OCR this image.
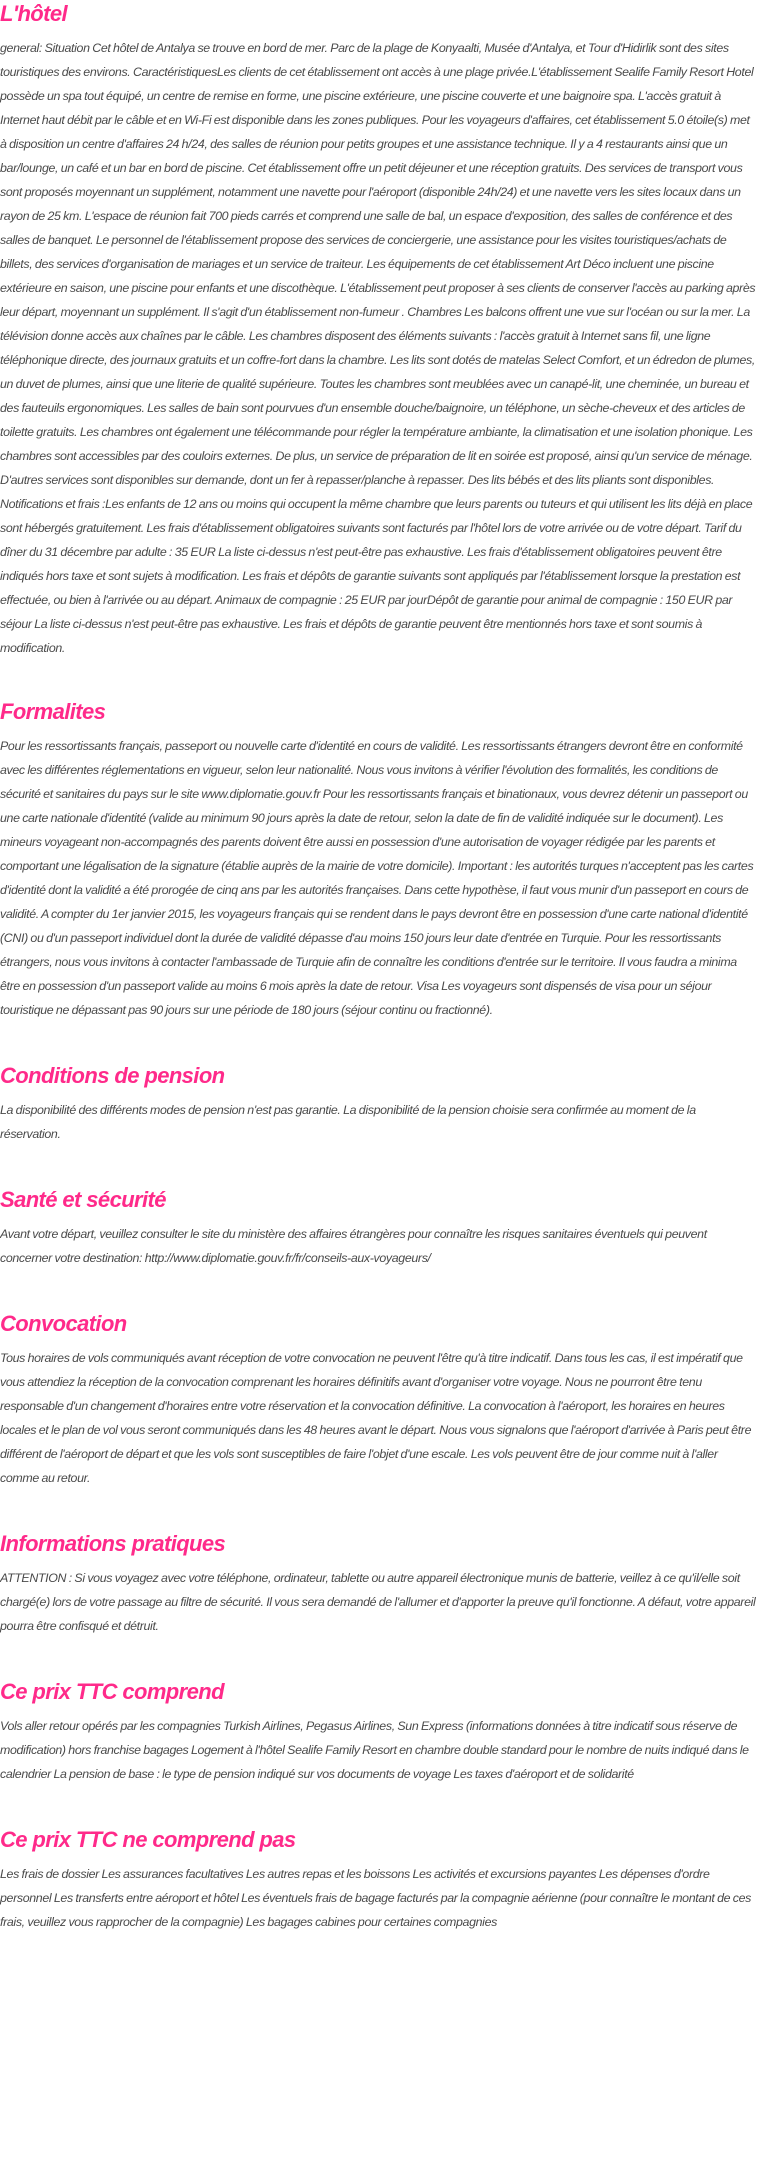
L'hôtel

general: Situation Cet hôtel de Antalya se trouve en bord de mer. Parc de la plage de Konyaalti, Musée d'Antalya, et Tour d'Hidirlik sont des sites touristiques des environs. CaractéristiquesLes clients de cet établissement ont accès à une plage privée.L'établissement Sealife Family Resort Hotel possède un spa tout équipé, un centre de remise en forme, une piscine extérieure, une piscine couverte et une baignoire spa. L'accès gratuit à Internet haut débit par le câble et en Wi-Fi est disponible dans les zones publiques. Pour les voyageurs d'affaires, cet établissement 5.0 étoile(s) met à disposition un centre d'affaires 24 h/24, des salles de réunion pour petits groupes et une assistance technique. Il y a 4 restaurants ainsi que un bar/lounge, un café et un bar en bord de piscine. Cet établissement offre un petit déjeuner et une réception gratuits. Des services de transport vous sont proposés moyennant un supplément, notamment une navette pour l'aéroport (disponible 24h/24) et une navette vers les sites locaux dans un rayon de 25 km. L'espace de réunion fait 700 pieds carrés et comprend une salle de bal, un espace d'exposition, des salles de conférence et des salles de banquet. Le personnel de l'établissement propose des services de conciergerie, une assistance pour les visites touristiques/achats de billets, des services d'organisation de mariages et un service de traiteur. Les équipements de cet établissement Art Déco incluent une piscine extérieure en saison, une piscine pour enfants et une discothèque. L'établissement peut proposer à ses clients de conserver l'accès au parking après leur départ, moyennant un supplément. Il s'agit d'un établissement non-fumeur . Chambres Les balcons offrent une vue sur l'océan ou sur la mer. La télévision donne accès aux chaînes par le câble. Les chambres disposent des éléments suivants : l'accès gratuit à Internet sans fil, une ligne téléphonique directe, des journaux gratuits et un coffre-fort dans la chambre. Les lits sont dotés de matelas Select Comfort, et un édredon de plumes, un duvet de plumes, ainsi que une literie de qualité supérieure. Toutes les chambres sont meublées avec un canapé-lit, une cheminée, un bureau et des fauteuils ergonomiques. Les salles de bain sont pourvues d'un ensemble douche/baignoire, un téléphone, un sèche-cheveux et des articles de toilette gratuits. Les chambres ont également une télécommande pour régler la température ambiante, la climatisation et une isolation phonique. Les chambres sont accessibles par des couloirs externes. De plus, un service de préparation de lit en soirée est proposé, ainsi qu'un service de ménage. D'autres services sont disponibles sur demande, dont un fer à repasser/planche à repasser. Des lits bébés et des lits pliants sont disponibles. Notifications et frais :Les enfants de 12 ans ou moins qui occupent la même chambre que leurs parents ou tuteurs et qui utilisent les lits déjà en place sont hébergés gratuitement. Les frais d'établissement obligatoires suivants sont facturés par l'hôtel lors de votre arrivée ou de votre départ. Tarif du dîner du 31 décembre par adulte : 35 EUR La liste ci-dessus n'est peut-être pas exhaustive. Les frais d'établissement obligatoires peuvent être indiqués hors taxe et sont sujets à modification. Les frais et dépôts de garantie suivants sont appliqués par l'établissement lorsque la prestation est effectuée, ou bien à l'arrivée ou au départ. Animaux de compagnie : 25 EUR par jourDépôt de garantie pour animal de compagnie : 150 EUR par séjour La liste ci-dessus n'est peut-être pas exhaustive. Les frais et dépôts de garantie peuvent être mentionnés hors taxe et sont soumis à modification.

Formalites

Pour les ressortissants français, passeport ou nouvelle carte d'identité en cours de validité. Les ressortissants étrangers devront être en conformité avec les différentes réglementations en vigueur, selon leur nationalité. Nous vous invitons à vérifier l'évolution des formalités, les conditions de sécurité et sanitaires du pays sur le site www.diplomatie.gouv.fr Pour les ressortissants français et binationaux, vous devrez détenir un passeport ou une carte nationale d'identité (valide au minimum 90 jours après la date de retour, selon la date de fin de validité indiquée sur le document). Les mineurs voyageant non-accompagnés des parents doivent être aussi en possession d'une autorisation de voyager rédigée par les parents et comportant une légalisation de la signature (établie auprès de la mairie de votre domicile). Important : les autorités turques n'acceptent pas les cartes d'identité dont la validité a été prorogée de cinq ans par les autorités françaises. Dans cette hypothèse, il faut vous munir d'un passeport en cours de validité. A compter du 1er janvier 2015, les voyageurs français qui se rendent dans le pays devront être en possession d'une carte national d'identité (CNI) ou d'un passeport individuel dont la durée de validité dépasse d'au moins 150 jours leur date d'entrée en Turquie. Pour les ressortissants étrangers, nous vous invitons à contacter l'ambassade de Turquie afin de connaître les conditions d'entrée sur le territoire. Il vous faudra a minima être en possession d'un passeport valide au moins 6 mois après la date de retour. Visa Les voyageurs sont dispensés de visa pour un séjour touristique ne dépassant pas 90 jours sur une période de 180 jours (séjour continu ou fractionné).

Conditions de pension

La disponibilité des différents modes de pension n'est pas garantie. La disponibilité de la pension choisie sera confirmée au moment de la réservation.

Santé et sécurité

Avant votre départ, veuillez consulter le site du ministère des affaires étrangères pour connaître les risques sanitaires éventuels qui peuvent concerner votre destination: http://www.diplomatie.gouv.fr/fr/conseils-aux-voyageurs/

Convocation

Tous horaires de vols communiqués avant réception de votre convocation ne peuvent l'être qu'à titre indicatif. Dans tous les cas, il est impératif que vous attendiez la réception de la convocation comprenant les horaires définitifs avant d'organiser votre voyage. Nous ne pourront être tenu responsable d'un changement d'horaires entre votre réservation et la convocation définitive. La convocation à l'aéroport, les horaires en heures locales et le plan de vol vous seront communiqués dans les 48 heures avant le départ. Nous vous signalons que l'aéroport d'arrivée à Paris peut être différent de l'aéroport de départ et que les vols sont susceptibles de faire l'objet d'une escale. Les vols peuvent être de jour comme nuit à l'aller comme au retour.

Informations pratiques

ATTENTION : Si vous voyagez avec votre téléphone, ordinateur, tablette ou autre appareil électronique munis de batterie, veillez à ce qu'il/elle soit chargé(e) lors de votre passage au filtre de sécurité. Il vous sera demandé de l'allumer et d'apporter la preuve qu'il fonctionne. A défaut, votre appareil pourra être confisqué et détruit.

Ce prix TTC comprend

Vols aller retour opérés par les compagnies Turkish Airlines, Pegasus Airlines, Sun Express (informations données à titre indicatif sous réserve de modification) hors franchise bagages Logement à l'hôtel Sealife Family Resort en chambre double standard pour le nombre de nuits indiqué dans le calendrier La pension de base : le type de pension indiqué sur vos documents de voyage Les taxes d'aéroport et de solidarité

Ce prix TTC ne comprend pas

Les frais de dossier Les assurances facultatives Les autres repas et les boissons Les activités et excursions payantes Les dépenses d'ordre personnel Les transferts entre aéroport et hôtel Les éventuels frais de bagage facturés par la compagnie aérienne (pour connaître le montant de ces frais, veuillez vous rapprocher de la compagnie) Les bagages cabines pour certaines compagnies
